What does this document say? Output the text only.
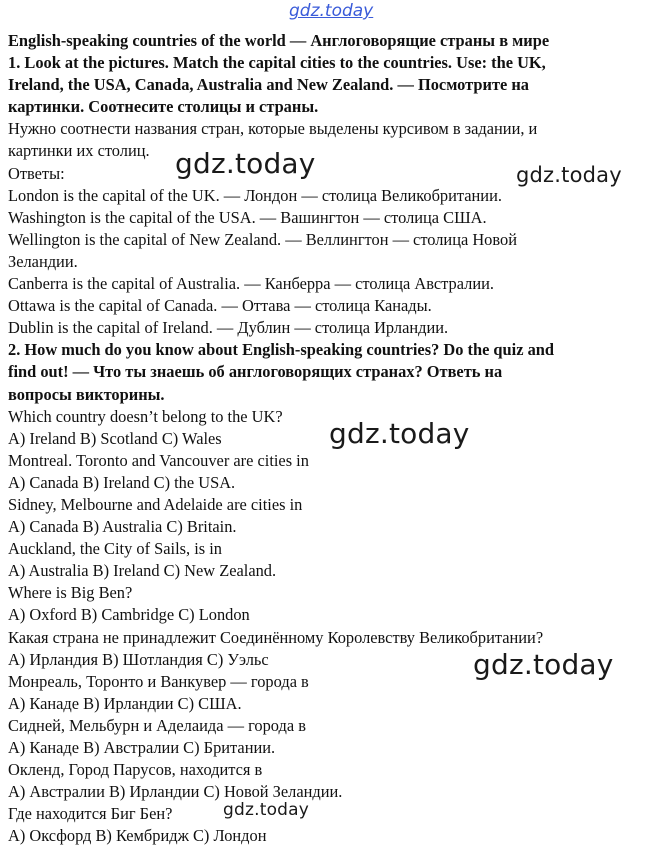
gdz.today
English-speaking countries of the world — Англоговорящие страны в мире
1. Look at the pictures. Match the capital cities to the countries. Use: the UK,
Ireland, the USA, Canada, Australia and New Zealand. — Посмотрите на
картинки. Соотнесите столицы и страны.
Нужно соотнести названия стран, которые выделены курсивом в задании, и
картинки их столиц.
Ответы:
London is the capital of the UK. — Лондон — столица Великобритании.
Washington is the capital of the USA. — Вашингтон — столица США.
Wellington is the capital of New Zealand. — Веллингтон — столица Новой
Зеландии.
Canberra is the capital of Australia. — Канберра — столица Австралии.
Ottawa is the capital of Canada. — Оттава — столица Канады.
Dublin is the capital of Ireland. — Дублин — столица Ирландии.
2. How much do you know about English-speaking countries? Do the quiz and
find out! — Что ты знаешь об англоговорящих странах? Ответь на
вопросы викторины.
Which country doesn’t belong to the UK?
A) Ireland B) Scotland C) Wales
Montreal. Toronto and Vancouver are cities in
A) Canada B) Ireland C) the USA.
Sidney, Melbourne and Adelaide are cities in
A) Canada B) Australia C) Britain.
Auckland, the City of Sails, is in
A) Australia B) Ireland C) New Zealand.
Where is Big Ben?
A) Oxford B) Cambridge C) London
Какая страна не принадлежит Соединённому Королевству Великобритании?
A) Ирландия B) Шотландия C) Уэльс
Монреаль, Торонто и Ванкувер — города в
A) Канаде B) Ирландии C) США.
Сидней, Мельбурн и Аделаида — города в
A) Канаде B) Австралии C) Британии.
Окленд, Город Парусов, находится в
A) Австралии B) Ирландии C) Новой Зеландии.
Где находится Биг Бен?
A) Оксфорд B) Кембридж C) Лондон
gdz.today	gdz.today
gdz.today
gdz.today
gdz.today
